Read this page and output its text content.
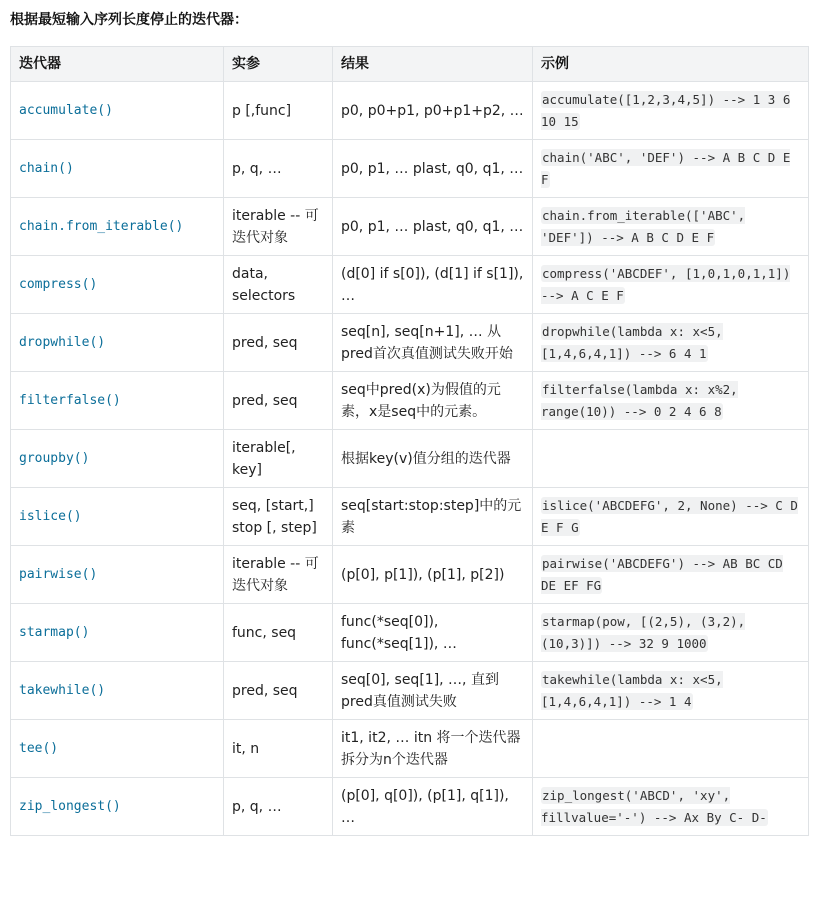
根据最短输入序列长度停止的迭代器：
迭代器	实参	结果	示例
accumulate()	p [,func]	p0, p0+p1, p0+p1+p2, …	accumulate([1,2,3,4,5]) --> 1 3 6 10 15
chain()	p, q, …	p0, p1, … plast, q0, q1, …	chain('ABC', 'DEF') --> A B C D E F
chain.from_iterable()	iterable -- 可迭代对象	p0, p1, … plast, q0, q1, …	chain.from_iterable(['ABC', 'DEF']) --> A B C D E F
compress()	data, selectors	(d[0] if s[0]), (d[1] if s[1]), …	compress('ABCDEF', [1,0,1,0,1,1]) --> A C E F
dropwhile()	pred, seq	seq[n], seq[n+1], … 从pred首次真值测试失败开始	dropwhile(lambda x: x<5, [1,4,6,4,1]) --> 6 4 1
filterfalse()	pred, seq	seq中pred(x)为假值的元素，x是seq中的元素。	filterfalse(lambda x: x%2, range(10)) --> 0 2 4 6 8
groupby()	iterable[, key]	根据key(v)值分组的迭代器	
islice()	seq, [start,] stop [, step]	seq[start:stop:step]中的元素	islice('ABCDEFG', 2, None) --> C D E F G
pairwise()	iterable -- 可迭代对象	(p[0], p[1]), (p[1], p[2])	pairwise('ABCDEFG') --> AB BC CD DE EF FG
starmap()	func, seq	func(*seq[0]), func(*seq[1]), …	starmap(pow, [(2,5), (3,2), (10,3)]) --> 32 9 1000
takewhile()	pred, seq	seq[0], seq[1], …, 直到pred真值测试失败	takewhile(lambda x: x<5, [1,4,6,4,1]) --> 1 4
tee()	it, n	it1, it2, … itn 将一个迭代器拆分为n个迭代器	
zip_longest()	p, q, …	(p[0], q[0]), (p[1], q[1]), …	zip_longest('ABCD', 'xy', fillvalue='-') --> Ax By C- D-
